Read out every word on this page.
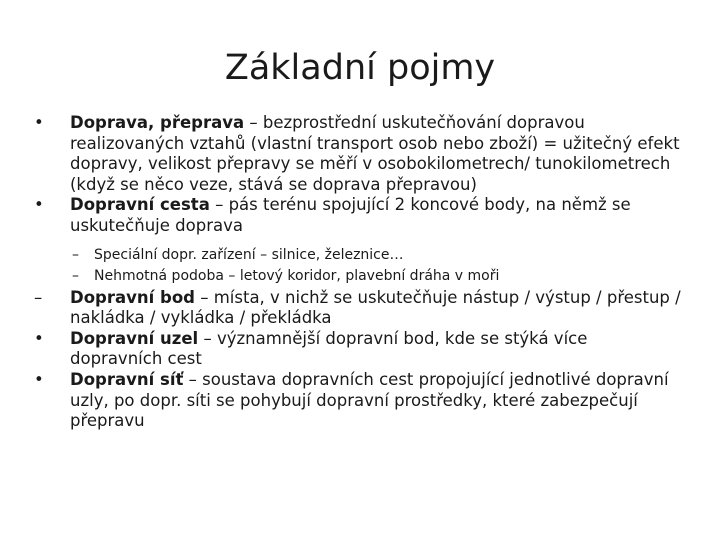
Základní pojmy
•	Doprava, přeprava – bezprostřední uskutečňování dopravou realizovaných vztahů (vlastní transport osob nebo zboží) = užitečný efekt dopravy, velikost přepravy se měří v osobokilometrech/ tunokilometrech (když se něco veze, stává se doprava přepravou)
•	Dopravní cesta – pás terénu spojující 2 koncové body, na němž se uskutečňuje doprava
–	Speciální dopr. zařízení – silnice, železnice…
–	Nehmotná podoba – letový koridor, plavební dráha v moři
–	Dopravní bod – místa, v nichž se uskutečňuje nástup / výstup / přestup / nakládka / vykládka / překládka
•	Dopravní uzel – významnější dopravní bod, kde se stýká více dopravních cest
•	Dopravní síť – soustava dopravních cest propojující jednotlivé dopravní uzly, po dopr. síti se pohybují dopravní prostředky, které zabezpečují přepravu
